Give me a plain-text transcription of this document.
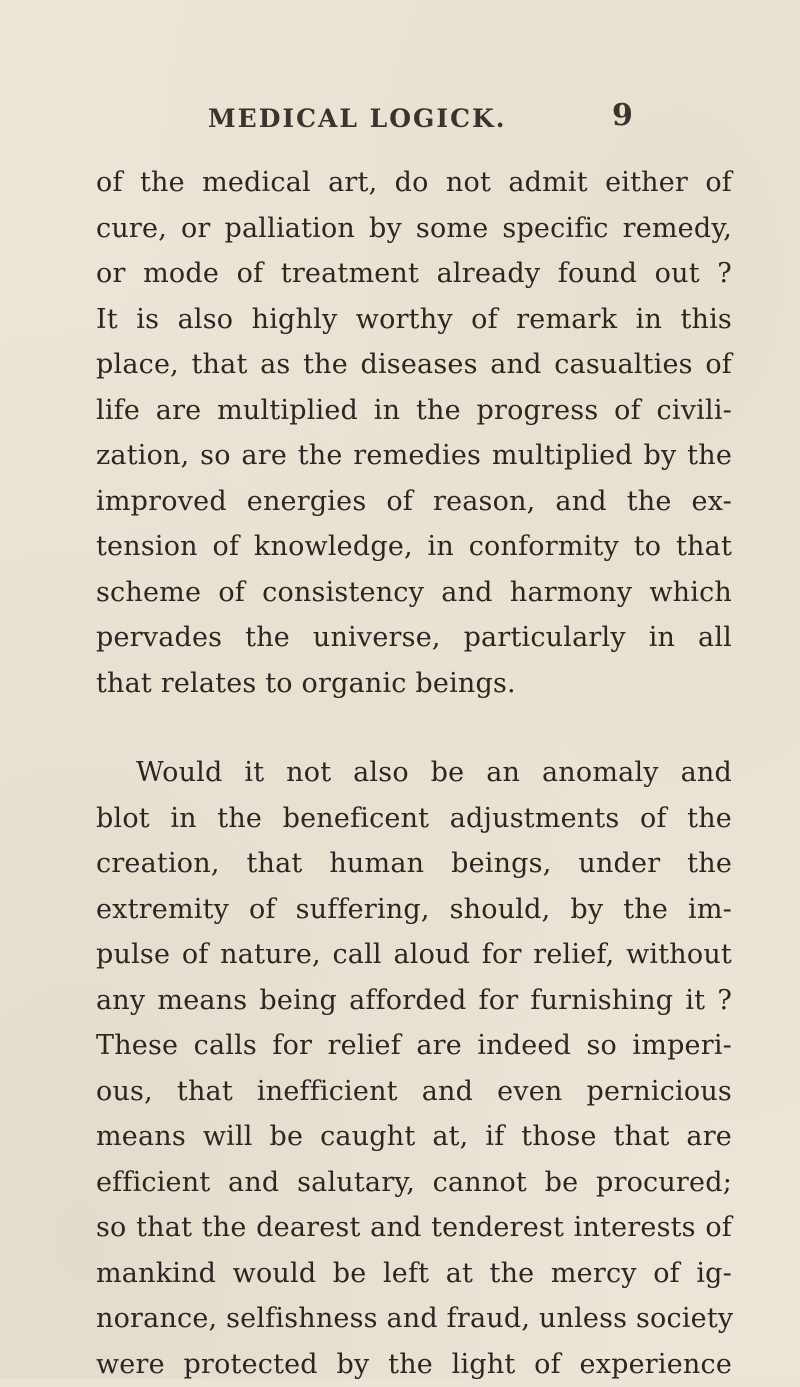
MEDICAL LOGICK.	9

of the medical art, do not admit either of
cure, or palliation by some specific remedy,
or mode of treatment already found out ?
It is also highly worthy of remark in this
place, that as the diseases and casualties of
life are multiplied in the progress of civili-
zation, so are the remedies multiplied by the
improved energies of reason, and the ex-
tension of knowledge, in conformity to that
scheme of consistency and harmony which
pervades the universe, particularly in all
that relates to organic beings.

Would it not also be an anomaly and
blot in the beneficent adjustments of the
creation, that human beings, under the
extremity of suffering, should, by the im-
pulse of nature, call aloud for relief, without
any means being afforded for furnishing it ?
These calls for relief are indeed so imperi-
ous, that inefficient and even pernicious
means will be caught at, if those that are
efficient and salutary, cannot be procured;
so that the dearest and tenderest interests of
mankind would be left at the mercy of ig-
norance, selfishness and fraud, unless society
were protected by the light of experience
